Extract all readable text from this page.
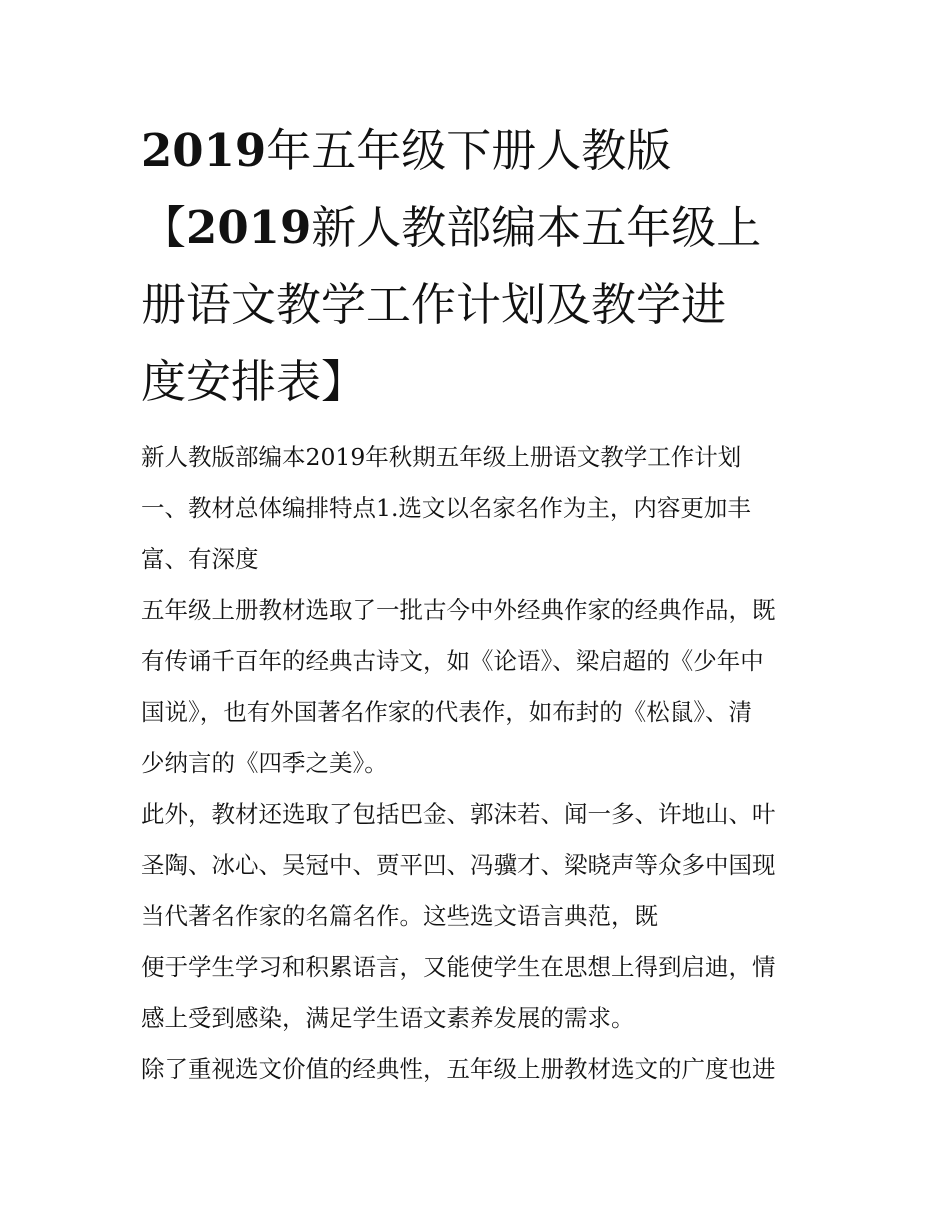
2019年五年级下册人教版
【2019新人教部编本五年级上
册语文教学工作计划及教学进
度安排表】

新人教版部编本2019年秋期五年级上册语文教学工作计划

一、教材总体编排特点1.选文以名家名作为主，内容更加丰
富、有深度

五年级上册教材选取了一批古今中外经典作家的经典作品，既
有传诵千百年的经典古诗文，如《论语》、梁启超的《少年中
国说》，也有外国著名作家的代表作，如布封的《松鼠》、清
少纳言的《四季之美》。

此外，教材还选取了包括巴金、郭沫若、闻一多、许地山、叶
圣陶、冰心、吴冠中、贾平凹、冯骥才、梁晓声等众多中国现
当代著名作家的名篇名作。这些选文语言典范，既

便于学生学习和积累语言，又能使学生在思想上得到启迪，情
感上受到感染，满足学生语文素养发展的需求。

除了重视选文价值的经典性，五年级上册教材选文的广度也进
